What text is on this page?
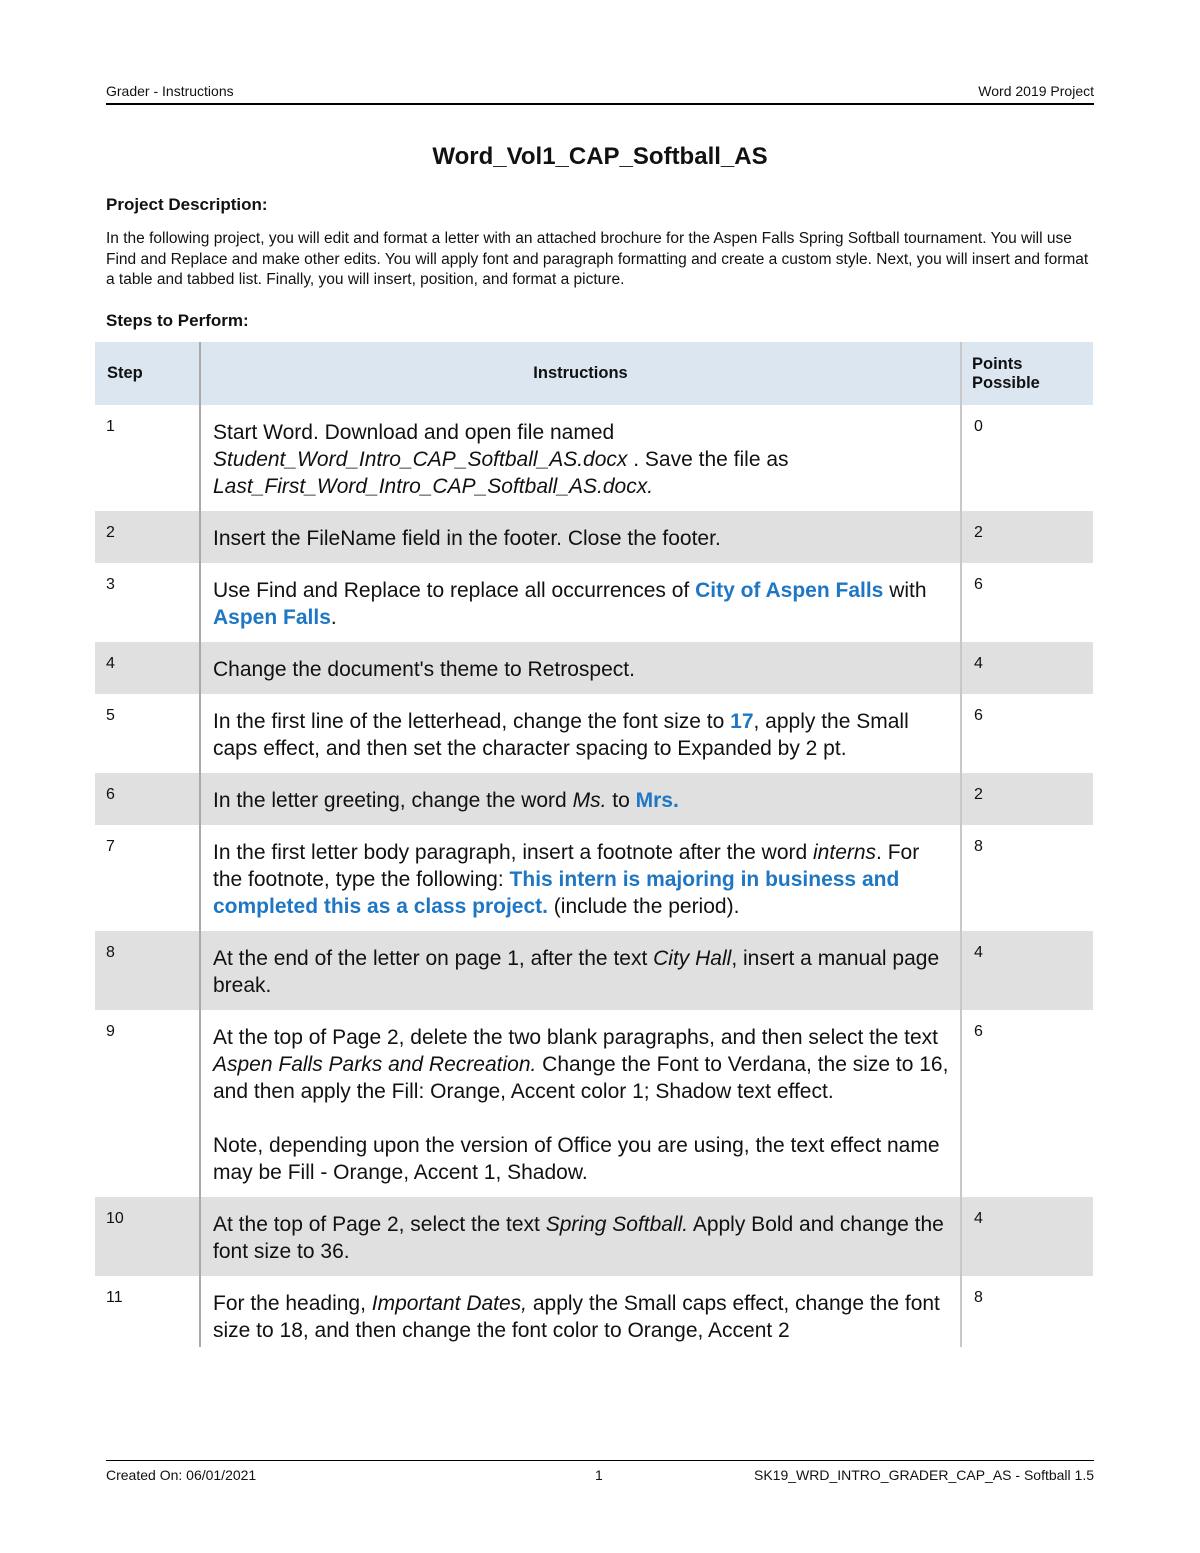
Grader - Instructions	Word 2019 Project
Word_Vol1_CAP_Softball_AS
Project Description:
In the following project, you will edit and format a letter with an attached brochure for the Aspen Falls Spring Softball tournament. You will use Find and Replace and make other edits. You will apply font and paragraph formatting and create a custom style. Next, you will insert and format a table and tabbed list. Finally, you will insert, position, and format a picture.
Steps to Perform:
Step	Instructions	Points Possible
1	Start Word. Download and open file named Student_Word_Intro_CAP_Softball_AS.docx . Save the file as Last_First_Word_Intro_CAP_Softball_AS.docx.	0
2	Insert the FileName field in the footer. Close the footer.	2
3	Use Find and Replace to replace all occurrences of City of Aspen Falls with Aspen Falls.	6
4	Change the document's theme to Retrospect.	4
5	In the first line of the letterhead, change the font size to 17, apply the Small caps effect, and then set the character spacing to Expanded by 2 pt.	6
6	In the letter greeting, change the word Ms. to Mrs.	2
7	In the first letter body paragraph, insert a footnote after the word interns. For the footnote, type the following: This intern is majoring in business and completed this as a class project. (include the period).	8
8	At the end of the letter on page 1, after the text City Hall, insert a manual page break.	4
9	At the top of Page 2, delete the two blank paragraphs, and then select the text Aspen Falls Parks and Recreation. Change the Font to Verdana, the size to 16, and then apply the Fill: Orange, Accent color 1; Shadow text effect.
Note, depending upon the version of Office you are using, the text effect name may be Fill - Orange, Accent 1, Shadow.	6
10	At the top of Page 2, select the text Spring Softball. Apply Bold and change the font size to 36.	4
11	For the heading, Important Dates, apply the Small caps effect, change the font size to 18, and then change the font color to Orange, Accent 2	8
Created On: 06/01/2021	1	SK19_WRD_INTRO_GRADER_CAP_AS - Softball 1.5
